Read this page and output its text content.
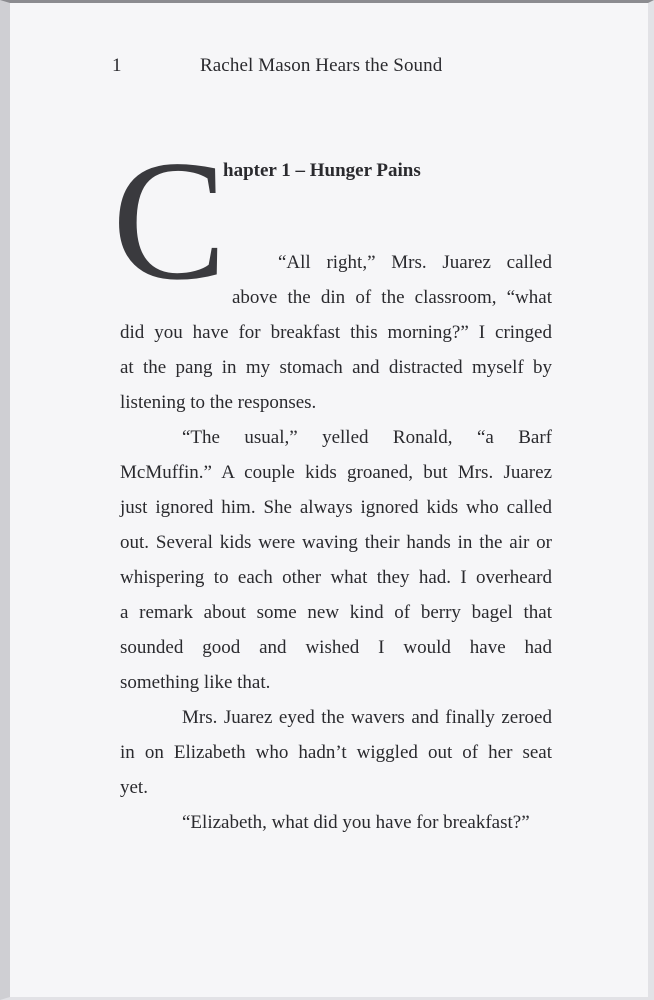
1	Rachel Mason Hears the Sound
C
hapter 1 – Hunger Pains
“All right,” Mrs. Juarez called
above the din of the classroom, “what
did you have for breakfast this morning?” I cringed
at the pang in my stomach and distracted myself by
listening to the responses.
“The usual,” yelled Ronald, “a Barf
McMuffin.” A couple kids groaned, but Mrs. Juarez
just ignored him. She always ignored kids who called
out. Several kids were waving their hands in the air or
whispering to each other what they had. I overheard
a remark about some new kind of berry bagel that
sounded good and wished I would have had
something like that.
Mrs. Juarez eyed the wavers and finally zeroed
in on Elizabeth who hadn’t wiggled out of her seat
yet.
“Elizabeth, what did you have for breakfast?”
